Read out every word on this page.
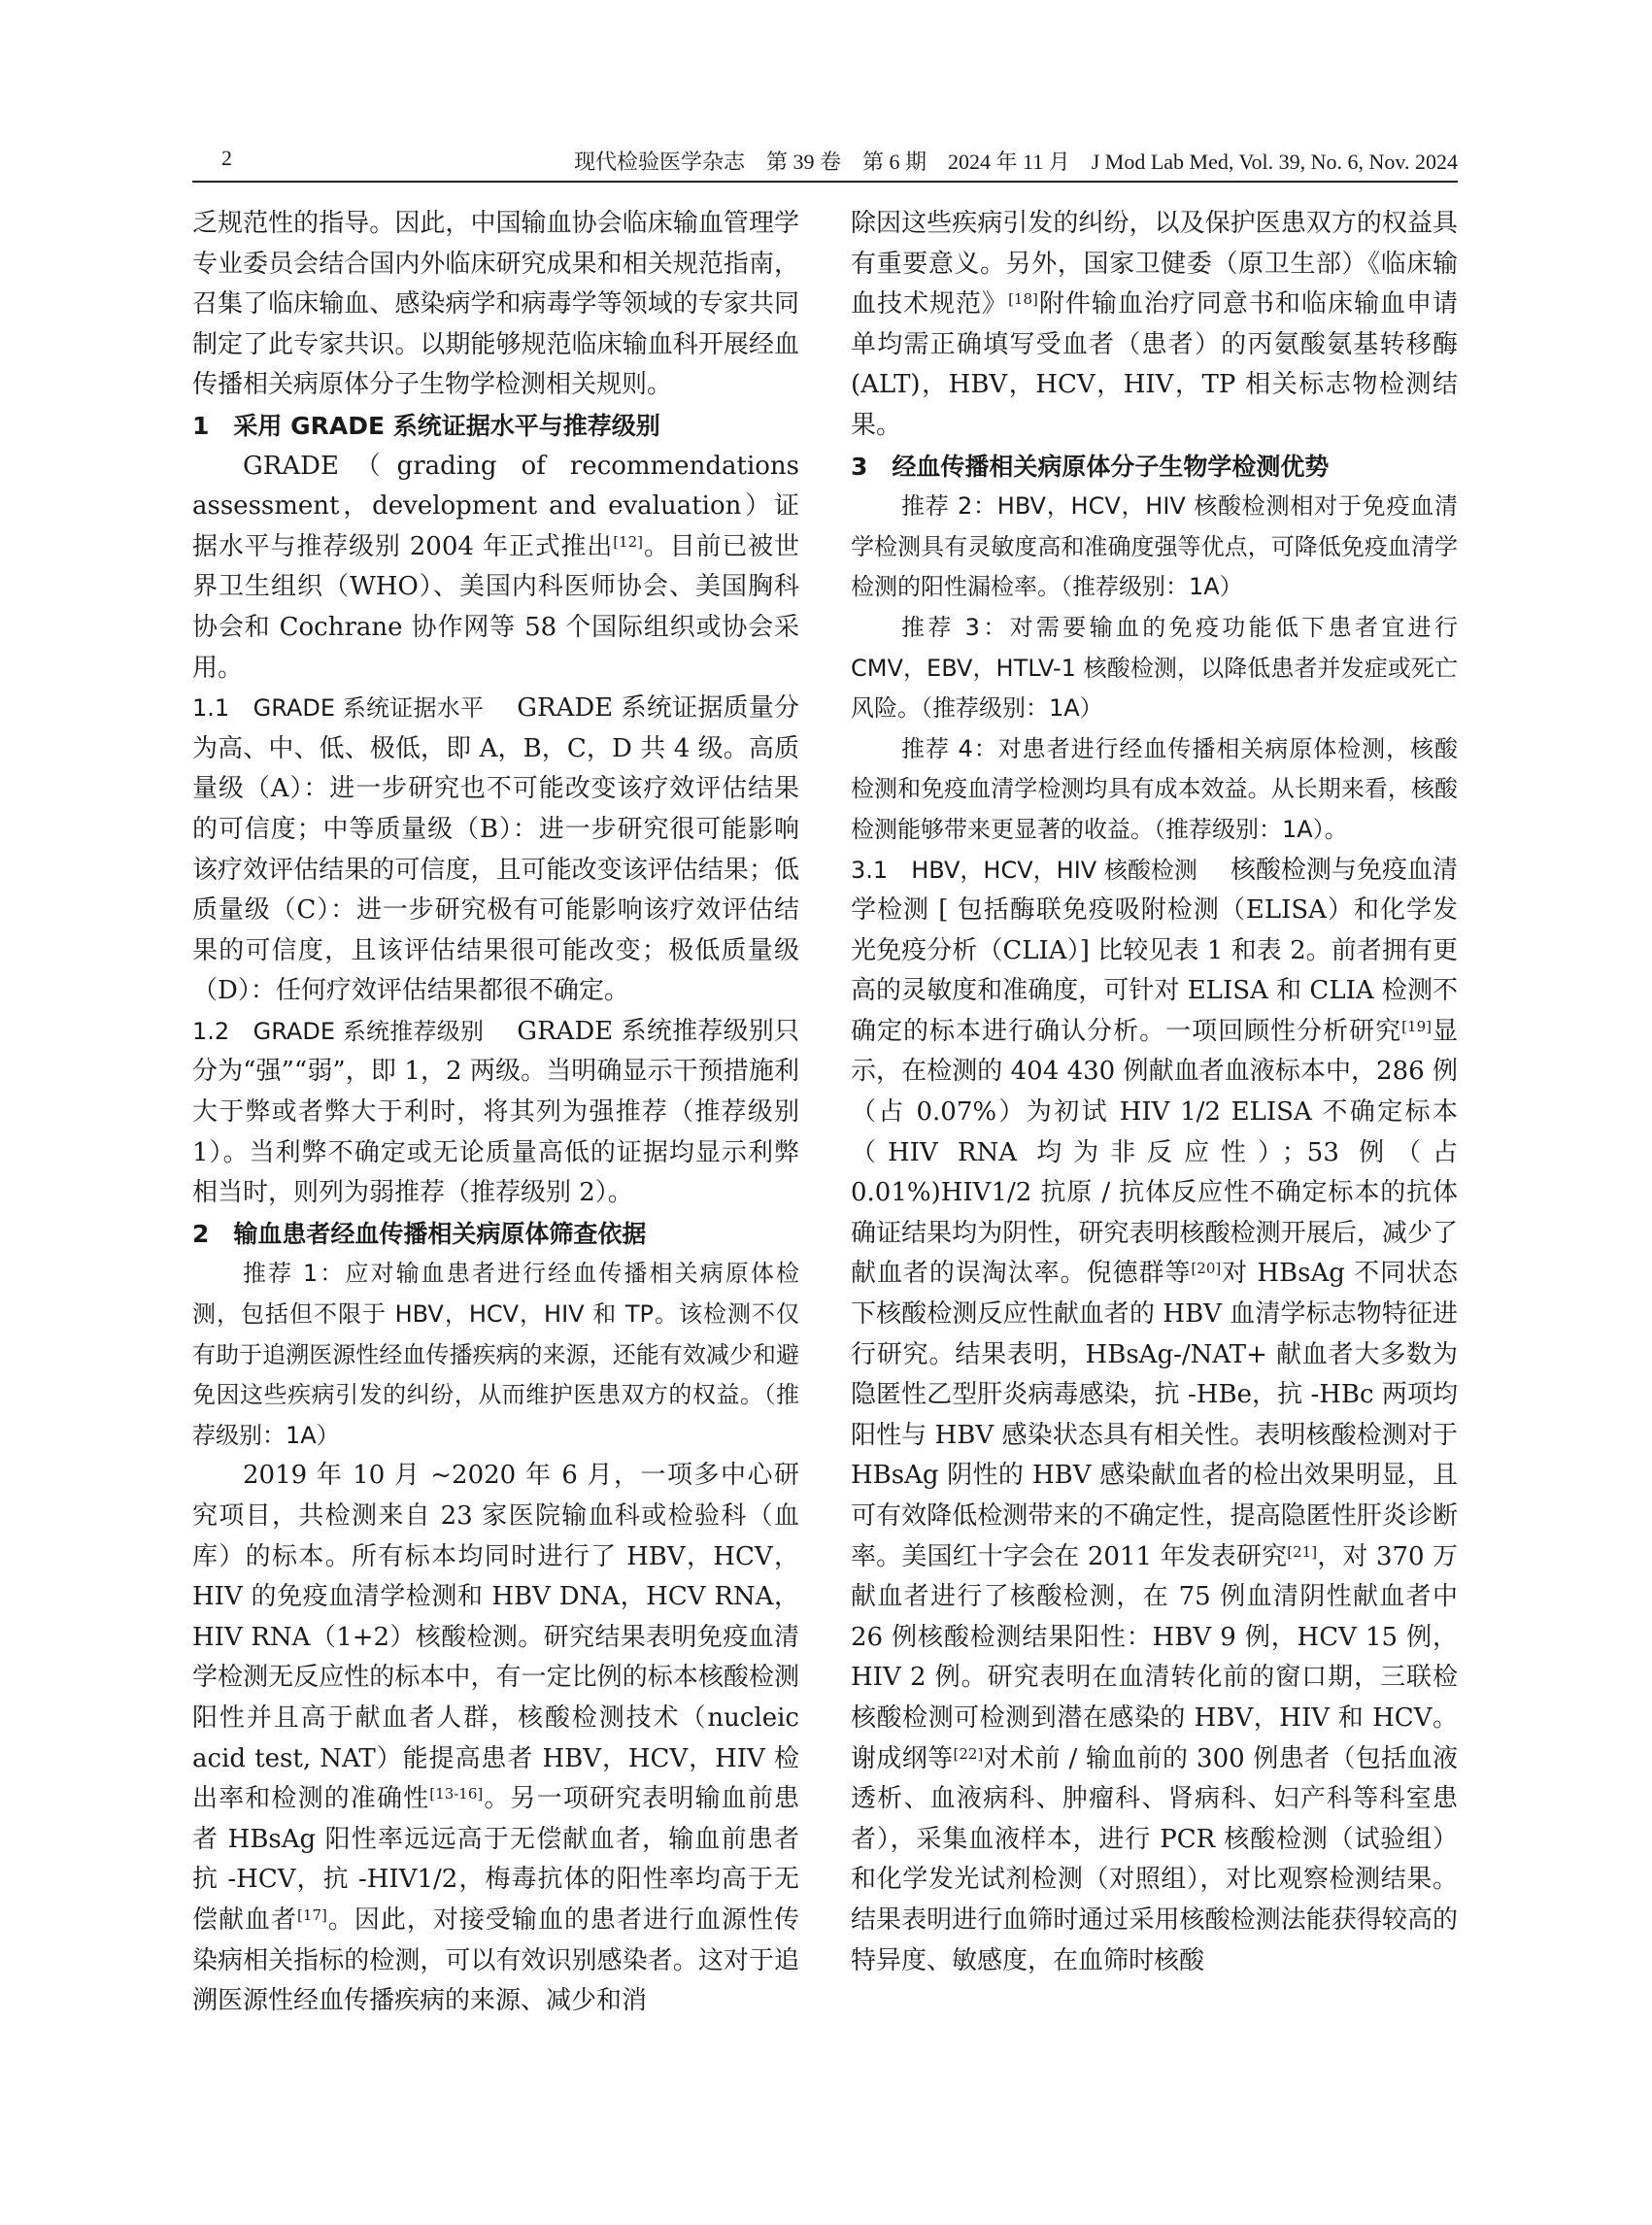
2	现代检验医学杂志　第 39 卷　第 6 期　2024 年 11 月　J Mod Lab Med, Vol. 39, No. 6, Nov. 2024

乏规范性的指导。因此，中国输血协会临床输血管理学专业委员会结合国内外临床研究成果和相关规范指南，召集了临床输血、感染病学和病毒学等领域的专家共同制定了此专家共识。以期能够规范临床输血科开展经血传播相关病原体分子生物学检测相关规则。

1　采用 GRADE 系统证据水平与推荐级别

GRADE（grading of recommendations assessment，development and evaluation）证据水平与推荐级别 2004 年正式推出[12]。目前已被世界卫生组织（WHO）、美国内科医师协会、美国胸科协会和 Cochrane 协作网等 58 个国际组织或协会采用。

1.1　GRADE 系统证据水平 GRADE 系统证据质量分为高、中、低、极低，即 A，B，C，D 共 4 级。高质量级（A）：进一步研究也不可能改变该疗效评估结果的可信度；中等质量级（B）：进一步研究很可能影响该疗效评估结果的可信度，且可能改变该评估结果；低质量级（C）：进一步研究极有可能影响该疗效评估结果的可信度，且该评估结果很可能改变；极低质量级（D）：任何疗效评估结果都很不确定。

1.2　GRADE 系统推荐级别 GRADE 系统推荐级别只分为“强”“弱”，即 1，2 两级。当明确显示干预措施利大于弊或者弊大于利时，将其列为强推荐（推荐级别 1）。当利弊不确定或无论质量高低的证据均显示利弊相当时，则列为弱推荐（推荐级别 2）。

2　输血患者经血传播相关病原体筛查依据

推荐 1：应对输血患者进行经血传播相关病原体检测，包括但不限于 HBV，HCV，HIV 和 TP。该检测不仅有助于追溯医源性经血传播疾病的来源，还能有效减少和避免因这些疾病引发的纠纷，从而维护医患双方的权益。（推荐级别：1A）

2019 年 10 月 ~2020 年 6 月，一项多中心研究项目，共检测来自 23 家医院输血科或检验科（血库）的标本。所有标本均同时进行了 HBV，HCV，HIV 的免疫血清学检测和 HBV DNA，HCV RNA，HIV RNA（1+2）核酸检测。研究结果表明免疫血清学检测无反应性的标本中，有一定比例的标本核酸检测阳性并且高于献血者人群，核酸检测技术（nucleic acid test, NAT）能提高患者 HBV，HCV，HIV 检出率和检测的准确性[13-16]。另一项研究表明输血前患者 HBsAg 阳性率远远高于无偿献血者，输血前患者抗 -HCV，抗 -HIV1/2，梅毒抗体的阳性率均高于无偿献血者[17]。因此，对接受输血的患者进行血源性传染病相关指标的检测，可以有效识别感染者。这对于追溯医源性经血传播疾病的来源、减少和消

除因这些疾病引发的纠纷，以及保护医患双方的权益具有重要意义。另外，国家卫健委（原卫生部）《临床输血技术规范》[18]附件输血治疗同意书和临床输血申请单均需正确填写受血者（患者）的丙氨酸氨基转移酶 (ALT)，HBV，HCV，HIV，TP 相关标志物检测结果。

3　经血传播相关病原体分子生物学检测优势

推荐 2：HBV，HCV，HIV 核酸检测相对于免疫血清学检测具有灵敏度高和准确度强等优点，可降低免疫血清学检测的阳性漏检率。（推荐级别：1A）

推荐 3：对需要输血的免疫功能低下患者宜进行 CMV，EBV，HTLV-1 核酸检测，以降低患者并发症或死亡风险。（推荐级别：1A）

推荐 4：对患者进行经血传播相关病原体检测，核酸检测和免疫血清学检测均具有成本效益。从长期来看，核酸检测能够带来更显著的收益。（推荐级别：1A）。

3.1　HBV，HCV，HIV 核酸检测 核酸检测与免疫血清学检测 [ 包括酶联免疫吸附检测（ELISA）和化学发光免疫分析（CLIA）] 比较见表 1 和表 2。前者拥有更高的灵敏度和准确度，可针对 ELISA 和 CLIA 检测不确定的标本进行确认分析。一项回顾性分析研究[19]显示，在检测的 404 430 例献血者血液标本中，286 例（占 0.07%）为初试 HIV 1/2 ELISA 不确定标本（HIV RNA 均为非反应性）；53 例（占 0.01%)HIV1/2 抗原 / 抗体反应性不确定标本的抗体确证结果均为阴性，研究表明核酸检测开展后，减少了献血者的误淘汰率。倪德群等[20]对 HBsAg 不同状态下核酸检测反应性献血者的 HBV 血清学标志物特征进行研究。结果表明，HBsAg-/NAT+ 献血者大多数为隐匿性乙型肝炎病毒感染，抗 -HBe，抗 -HBc 两项均阳性与 HBV 感染状态具有相关性。表明核酸检测对于 HBsAg 阴性的 HBV 感染献血者的检出效果明显，且可有效降低检测带来的不确定性，提高隐匿性肝炎诊断率。美国红十字会在 2011 年发表研究[21]，对 370 万献血者进行了核酸检测，在 75 例血清阴性献血者中 26 例核酸检测结果阳性：HBV 9 例，HCV 15 例，HIV 2 例。研究表明在血清转化前的窗口期，三联检核酸检测可检测到潜在感染的 HBV，HIV 和 HCV。谢成纲等[22]对术前 / 输血前的 300 例患者（包括血液透析、血液病科、肿瘤科、肾病科、妇产科等科室患者），采集血液样本，进行 PCR 核酸检测（试验组）和化学发光试剂检测（对照组），对比观察检测结果。结果表明进行血筛时通过采用核酸检测法能获得较高的特异度、敏感度，在血筛时核酸
